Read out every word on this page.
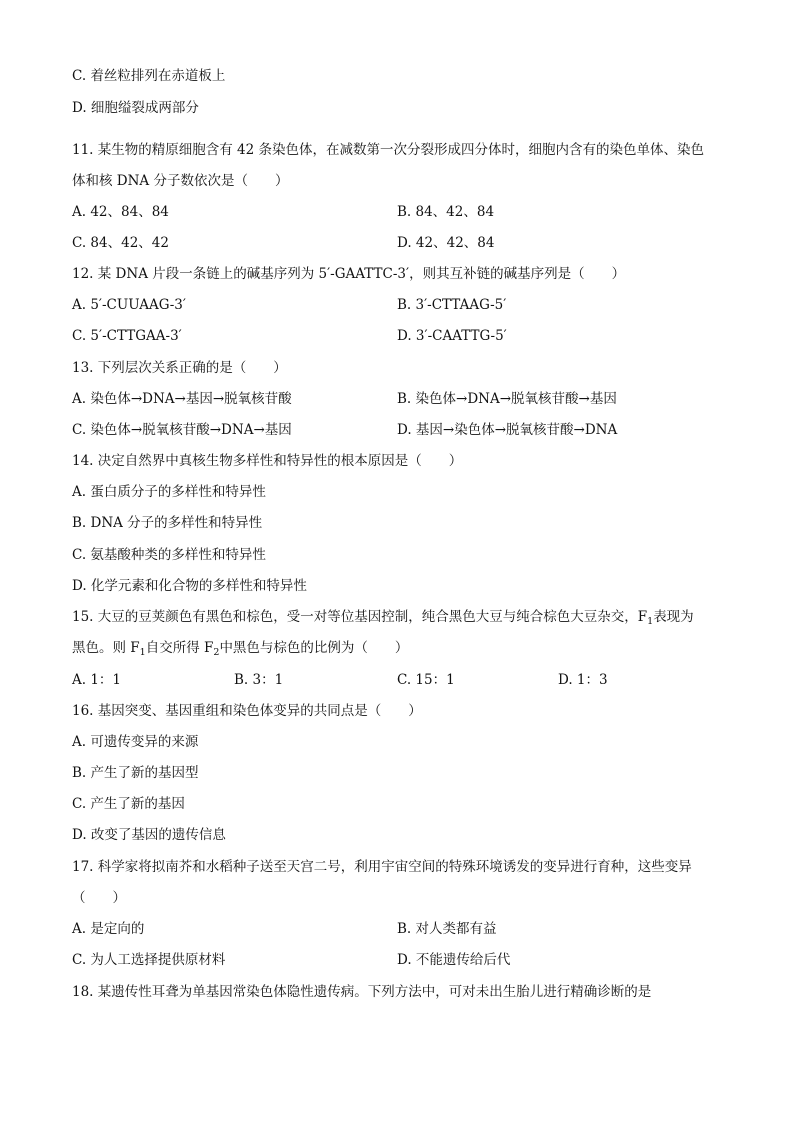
C. 着丝粒排列在赤道板上
D. 细胞缢裂成两部分
11. 某生物的精原细胞含有 42 条染色体，在减数第一次分裂形成四分体时，细胞内含有的染色单体、染色
体和核 DNA 分子数依次是（　　）
A. 42、84、84	B. 84、42、84
C. 84、42、42	D. 42、42、84
12. 某 DNA 片段一条链上的碱基序列为 5′-GAATTC-3′，则其互补链的碱基序列是（　　）
A. 5′-CUUAAG-3′	B. 3′-CTTAAG-5′
C. 5′-CTTGAA-3′	D. 3′-CAATTG-5′
13. 下列层次关系正确的是（　　）
A. 染色体→DNA→基因→脱氧核苷酸	B. 染色体→DNA→脱氧核苷酸→基因
C. 染色体→脱氧核苷酸→DNA→基因	D. 基因→染色体→脱氧核苷酸→DNA
14. 决定自然界中真核生物多样性和特异性的根本原因是（　　）
A. 蛋白质分子的多样性和特异性
B. DNA 分子的多样性和特异性
C. 氨基酸种类的多样性和特异性
D. 化学元素和化合物的多样性和特异性
15. 大豆的豆荚颜色有黑色和棕色，受一对等位基因控制，纯合黑色大豆与纯合棕色大豆杂交，$F_1$表现为
黑色。则 $F_1$自交所得 $F_2$中黑色与棕色的比例为（　　）
A. 1：1	B. 3：1	C. 15：1	D. 1：3
16. 基因突变、基因重组和染色体变异的共同点是（　　）
A. 可遗传变异的来源
B. 产生了新的基因型
C. 产生了新的基因
D. 改变了基因的遗传信息
17. 科学家将拟南芥和水稻种子送至天宫二号，利用宇宙空间的特殊环境诱发的变异进行育种，这些变异
（　　）
A. 是定向的	B. 对人类都有益
C. 为人工选择提供原材料	D. 不能遗传给后代
18. 某遗传性耳聋为单基因常染色体隐性遗传病。下列方法中，可对未出生胎儿进行精确诊断的是
